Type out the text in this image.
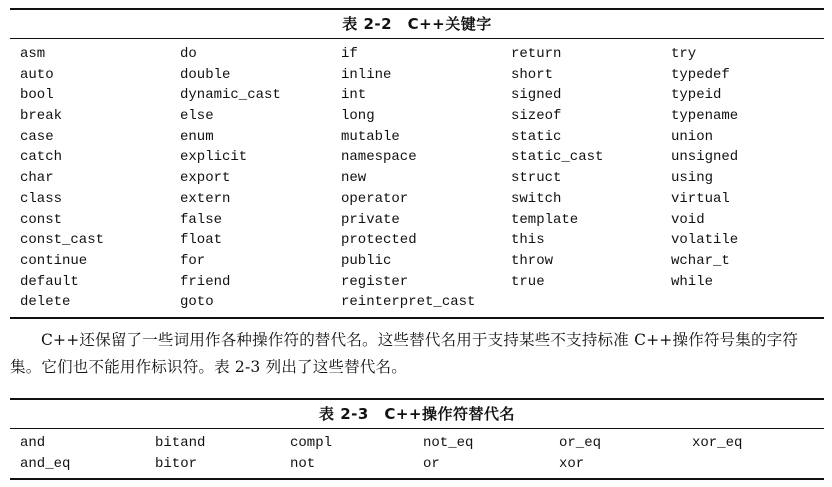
表 2-2　C++关键字
asm	do	if	return	try
auto	double	inline	short	typedef
bool	dynamic_cast	int	signed	typeid
break	else	long	sizeof	typename
case	enum	mutable	static	union
catch	explicit	namespace	static_cast	unsigned
char	export	new	struct	using
class	extern	operator	switch	virtual
const	false	private	template	void
const_cast	float	protected	this	volatile
continue	for	public	throw	wchar_t
default	friend	register	true	while
delete	goto	reinterpret_cast

C++还保留了一些词用作各种操作符的替代名。这些替代名用于支持某些不支持标准 C++操作符号集的字符集。它们也不能用作标识符。表 2-3 列出了这些替代名。

表 2-3　C++操作符替代名
and	bitand	compl	not_eq	or_eq	xor_eq
and_eq	bitor	not	or	xor
